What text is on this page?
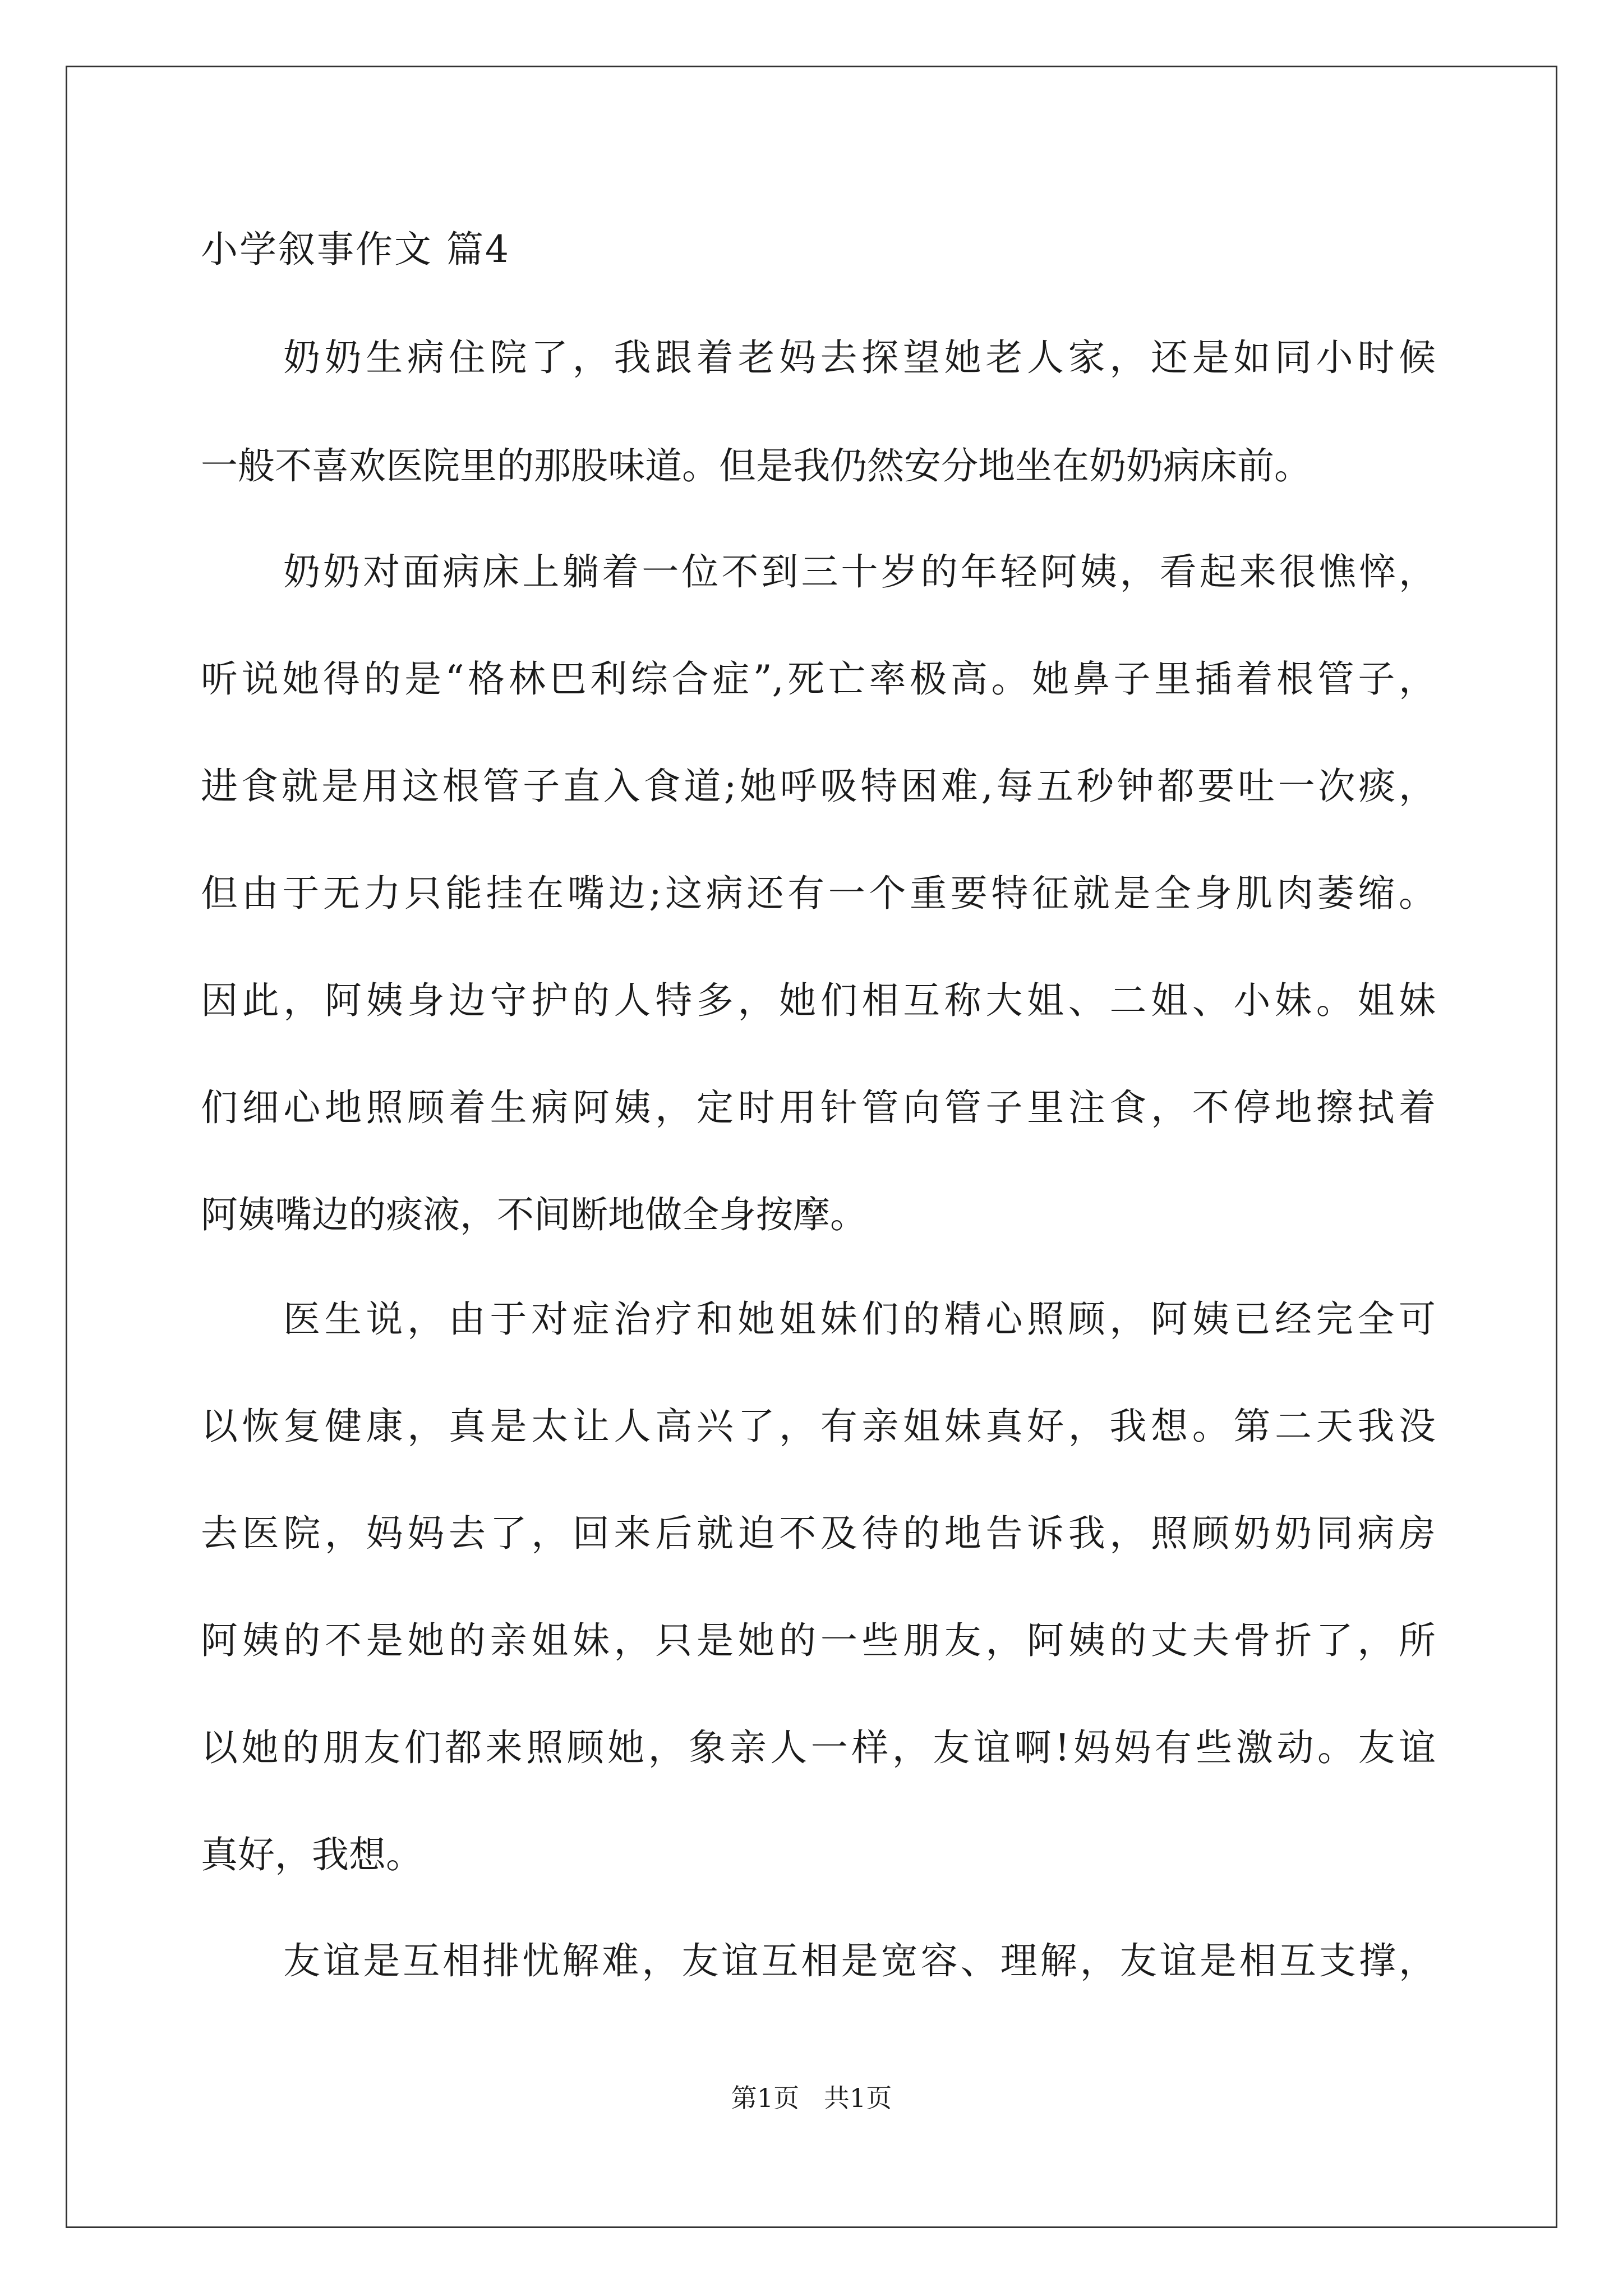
小学叙事作文 篇4
奶奶生病住院了，我跟着老妈去探望她老人家，还是如同小时候
一般不喜欢医院里的那股味道。但是我仍然安分地坐在奶奶病床前。
奶奶对面病床上躺着一位不到三十岁的年轻阿姨，看起来很憔悴，
听说她得的是“格林巴利综合症”,死亡率极高。她鼻子里插着根管子，
进食就是用这根管子直入食道;她呼吸特困难,每五秒钟都要吐一次痰，
但由于无力只能挂在嘴边;这病还有一个重要特征就是全身肌肉萎缩。
因此，阿姨身边守护的人特多，她们相互称大姐、二姐、小妹。姐妹
们细心地照顾着生病阿姨，定时用针管向管子里注食，不停地擦拭着
阿姨嘴边的痰液，不间断地做全身按摩。
医生说，由于对症治疗和她姐妹们的精心照顾，阿姨已经完全可
以恢复健康，真是太让人高兴了，有亲姐妹真好，我想。第二天我没
去医院，妈妈去了，回来后就迫不及待的地告诉我，照顾奶奶同病房
阿姨的不是她的亲姐妹，只是她的一些朋友，阿姨的丈夫骨折了，所
以她的朋友们都来照顾她，象亲人一样，友谊啊!妈妈有些激动。友谊
真好，我想。
友谊是互相排忧解难，友谊互相是宽容、理解，友谊是相互支撑，
第1页   共1页
